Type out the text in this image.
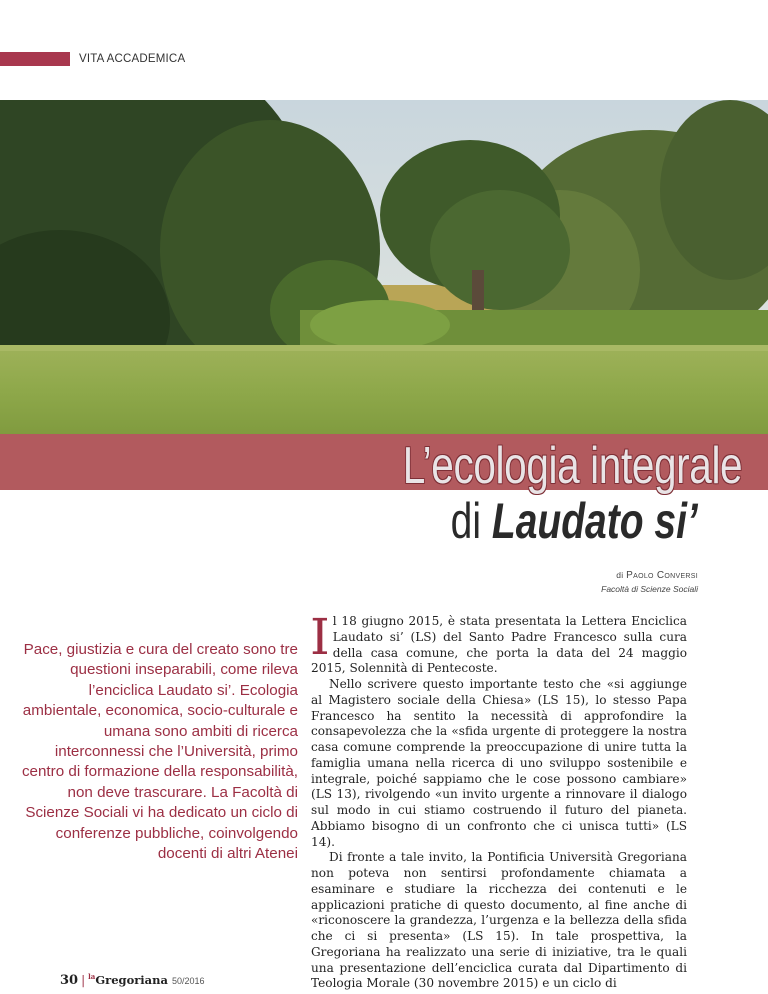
VITA ACCADEMICA
L’ecologia integrale
di Laudato si’
di Paolo Conversi
Facoltà di Scienze Sociali
Pace, giustizia e cura del creato sono tre questioni inseparabili, come rileva l’enciclica Laudato si’. Ecologia ambientale, economica, socio-culturale e umana sono ambiti di ricerca interconnessi che l’Università, primo centro di formazione della responsabilità, non deve trascurare. La Facoltà di Scienze Sociali vi ha dedicato un ciclo di conferenze pubbliche, coinvolgendo docenti di altri Atenei

Il 18 giugno 2015, è stata presentata la Lettera Enciclica Laudato si’ (LS) del Santo Padre Francesco sulla cura della casa comune, che porta la data del 24 maggio 2015, Solennità di Pentecoste.

Nello scrivere questo importante testo che «si aggiunge al Magistero sociale della Chiesa» (LS 15), lo stesso Papa Francesco ha sentito la necessità di approfondire la consapevolezza che la «sfida urgente di proteggere la nostra casa comune comprende la preoccupazione di unire tutta la famiglia umana nella ricerca di uno sviluppo sostenibile e integrale, poiché sappiamo che le cose possono cambiare» (LS 13), rivolgendo «un invito urgente a rinnovare il dialogo sul modo in cui stiamo costruendo il futuro del pianeta. Abbiamo bisogno di un confronto che ci unisca tutti» (LS 14).

Di fronte a tale invito, la Pontificia Università Gregoriana non poteva non sentirsi profondamente chiamata a esaminare e studiare la ricchezza dei contenuti e le applicazioni pratiche di questo documento, al fine anche di «riconoscere la grandezza, l’urgenza e la bellezza della sfida che ci si presenta» (LS 15). In tale prospettiva, la Gregoriana ha realizzato una serie di iniziative, tra le quali una presentazione dell’enciclica curata dal Dipartimento di Teologia Morale (30 novembre 2015) e un ciclo di

30 | $^{la}$Gregoriana 50/2016
